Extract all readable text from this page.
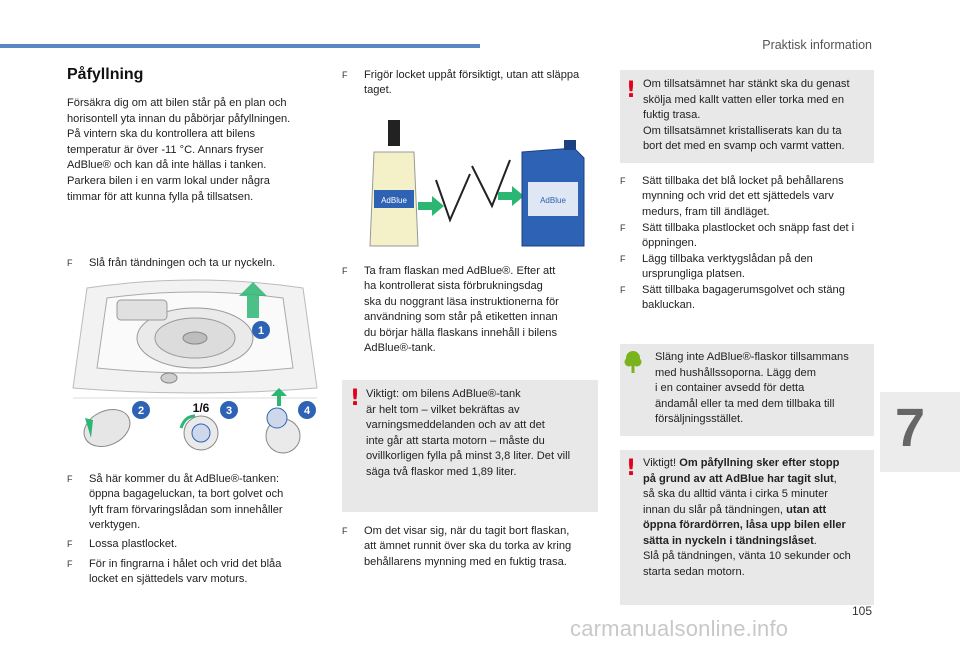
Praktisk information
Påfyllning
Försäkra dig om att bilen står på en plan och
horisontell yta innan du påbörjar påfyllningen.
På vintern ska du kontrollera att bilens
temperatur är över -11 °C. Annars fryser
AdBlue® och kan då inte hällas i tanken.
Parkera bilen i en varm lokal under några
timmar för att kunna fylla på tillsatsen.
F Slå från tändningen och ta ur nyckeln.
1
2	1/6 3	4
F Så här kommer du åt AdBlue®-tanken:
öppna bagageluckan, ta bort golvet och
lyft fram förvaringslådan som innehåller
verktygen.
F Lossa plastlocket.
F För in fingrarna i hålet och vrid det blåa
locket en sjättedels varv moturs.
F Frigör locket uppåt försiktigt, utan att släppa
taget.
AdBlue	AdBlue
F Ta fram flaskan med AdBlue®. Efter att
ha kontrollerat sista förbrukningsdag
ska du noggrant läsa instruktionerna för
användning som står på etiketten innan
du börjar hälla flaskans innehåll i bilens
AdBlue®-tank.
! Viktigt: om bilens AdBlue®-tank
är helt tom – vilket bekräftas av
varningsmeddelanden och av att det
inte går att starta motorn – måste du
ovillkorligen fylla på minst 3,8 liter. Det vill
säga två flaskor med 1,89 liter.
F Om det visar sig, när du tagit bort flaskan,
att ämnet runnit över ska du torka av kring
behållarens mynning med en fuktig trasa.
! Om tillsatsämnet har stänkt ska du genast
skölja med kallt vatten eller torka med en
fuktig trasa.
Om tillsatsämnet kristalliserats kan du ta
bort det med en svamp och varmt vatten.
F Sätt tillbaka det blå locket på behållarens
mynning och vrid det ett sjättedels varv
medurs, fram till ändläget.
F Sätt tillbaka plastlocket och snäpp fast det i
öppningen.
F Lägg tillbaka verktygslådan på den
ursprungliga platsen.
F Sätt tillbaka bagagerumsgolvet och stäng
bakluckan.
Släng inte AdBlue®-flaskor tillsammans
med hushållssoporna. Lägg dem
i en container avsedd för detta
ändamål eller ta med dem tillbaka till
försäljningsstället.
! Viktigt! Om påfyllning sker efter stopp
på grund av att AdBlue har tagit slut,
så ska du alltid vänta i cirka 5 minuter
innan du slår på tändningen, utan att
öppna förardörren, låsa upp bilen eller
sätta in nyckeln i tändningslåset.
Slå på tändningen, vänta 10 sekunder och
starta sedan motorn.
7
105
carmanualsonline.info
